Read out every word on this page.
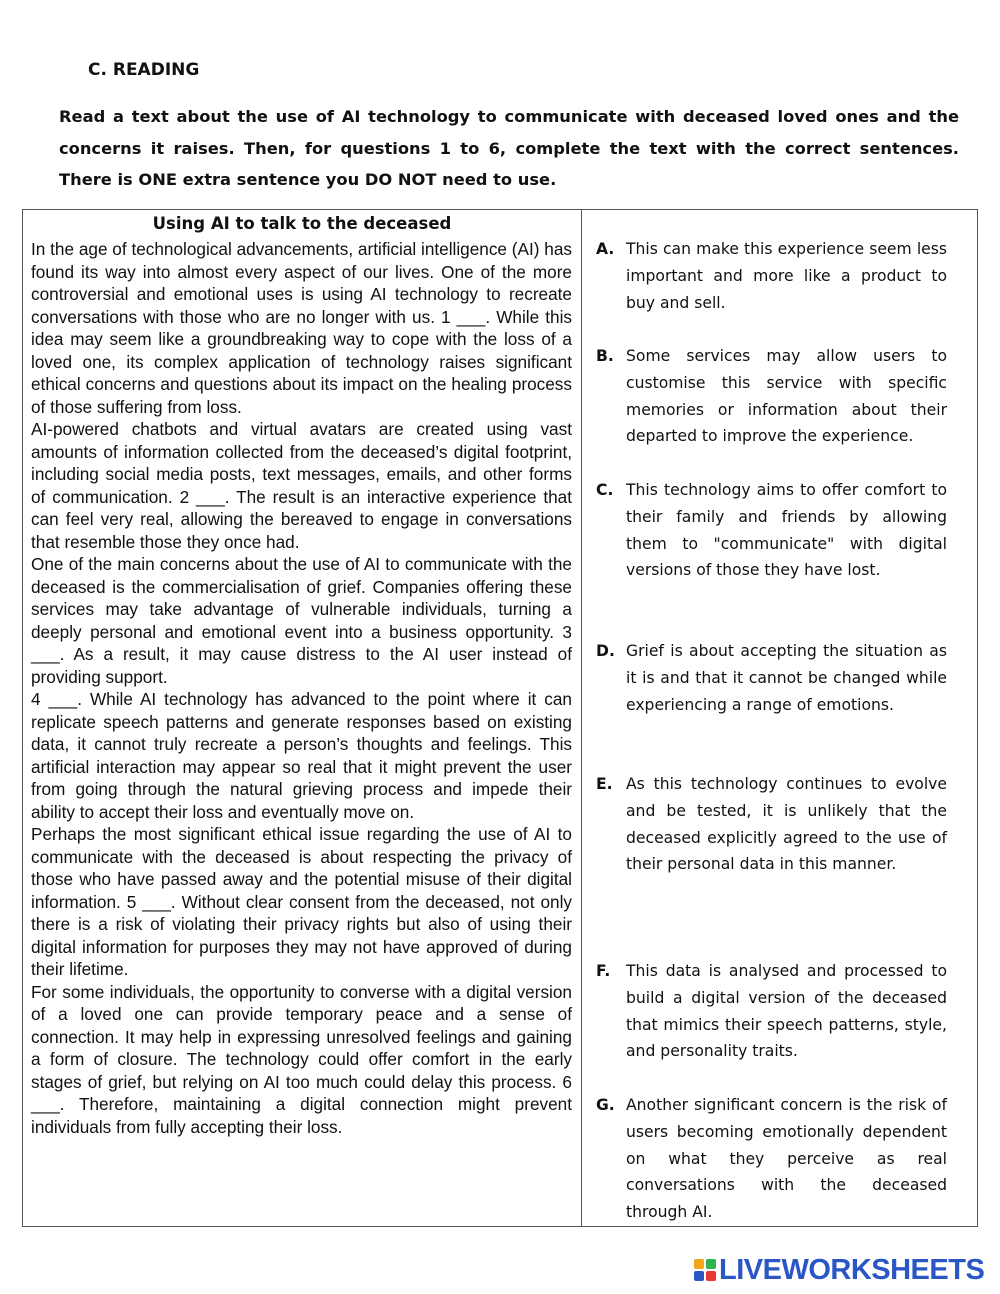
C. READING
Read a text about the use of AI technology to communicate with deceased loved ones and the concerns it raises. Then, for questions 1 to 6, complete the text with the correct sentences. There is ONE extra sentence you DO NOT need to use.
Using AI to talk to the deceased

In the age of technological advancements, artificial intelligence (AI) has found its way into almost every aspect of our lives. One of the more controversial and emotional uses is using AI technology to recreate conversations with those who are no longer with us. 1 ___. While this idea may seem like a groundbreaking way to cope with the loss of a loved one, its complex application of technology raises significant ethical concerns and questions about its impact on the healing process of those suffering from loss.

AI-powered chatbots and virtual avatars are created using vast amounts of information collected from the deceased’s digital footprint, including social media posts, text messages, emails, and other forms of communication. 2 ___. The result is an interactive experience that can feel very real, allowing the bereaved to engage in conversations that resemble those they once had.

One of the main concerns about the use of AI to communicate with the deceased is the commercialisation of grief. Companies offering these services may take advantage of vulnerable individuals, turning a deeply personal and emotional event into a business opportunity. 3 ___. As a result, it may cause distress to the AI user instead of providing support.

4 ___. While AI technology has advanced to the point where it can replicate speech patterns and generate responses based on existing data, it cannot truly recreate a person’s thoughts and feelings. This artificial interaction may appear so real that it might prevent the user from going through the natural grieving process and impede their ability to accept their loss and eventually move on.

Perhaps the most significant ethical issue regarding the use of AI to communicate with the deceased is about respecting the privacy of those who have passed away and the potential misuse of their digital information. 5 ___. Without clear consent from the deceased, not only there is a risk of violating their privacy rights but also of using their digital information for purposes they may not have approved of during their lifetime.

For some individuals, the opportunity to converse with a digital version of a loved one can provide temporary peace and a sense of connection. It may help in expressing unresolved feelings and gaining a form of closure. The technology could offer comfort in the early stages of grief, but relying on AI too much could delay this process. 6 ___. Therefore, maintaining a digital connection might prevent individuals from fully accepting their loss.

A. This can make this experience seem less important and more like a product to buy and sell.
B. Some services may allow users to customise this service with specific memories or information about their departed to improve the experience.
C. This technology aims to offer comfort to their family and friends by allowing them to "communicate" with digital versions of those they have lost.
D. Grief is about accepting the situation as it is and that it cannot be changed while experiencing a range of emotions.
E. As this technology continues to evolve and be tested, it is unlikely that the deceased explicitly agreed to the use of their personal data in this manner.
F. This data is analysed and processed to build a digital version of the deceased that mimics their speech patterns, style, and personality traits.
G. Another significant concern is the risk of users becoming emotionally dependent on what they perceive as real conversations with the deceased through AI.
LIVEWORKSHEETS
